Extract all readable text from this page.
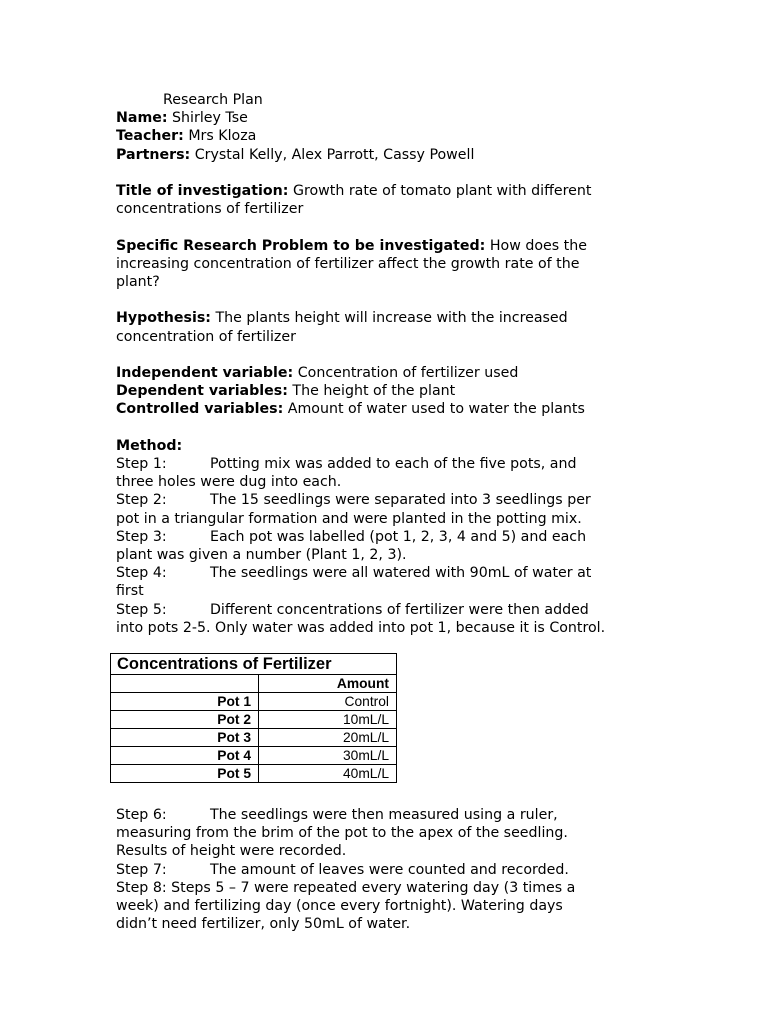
Research Plan
Name: Shirley Tse
Teacher: Mrs Kloza
Partners: Crystal Kelly, Alex Parrott, Cassy Powell
Title of investigation: Growth rate of tomato plant with different
concentrations of fertilizer
Specific Research Problem to be investigated: How does the
increasing concentration of fertilizer affect the growth rate of the
plant?
Hypothesis: The plants height will increase with the increased
concentration of fertilizer
Independent variable: Concentration of fertilizer used
Dependent variables: The height of the plant
Controlled variables: Amount of water used to water the plants
Method:
Step 1:	Potting mix was added to each of the five pots, and
three holes were dug into each.
Step 2:	The 15 seedlings were separated into 3 seedlings per
pot in a triangular formation and were planted in the potting mix.
Step 3:	Each pot was labelled (pot 1, 2, 3, 4 and 5) and each
plant was given a number (Plant 1, 2, 3).
Step 4:	The seedlings were all watered with 90mL of water at
first
Step 5:	Different concentrations of fertilizer were then added
into pots 2-5. Only water was added into pot 1, because it is Control.
Concentrations of Fertilizer	
	Amount
Pot 1	Control
Pot 2	10mL/L
Pot 3	20mL/L
Pot 4	30mL/L
Pot 5	40mL/L
Step 6:	The seedlings were then measured using a ruler,
measuring from the brim of the pot to the apex of the seedling.
Results of height were recorded.
Step 7:	The amount of leaves were counted and recorded.
Step 8: Steps 5 – 7 were repeated every watering day (3 times a
week) and fertilizing day (once every fortnight). Watering days
didn’t need fertilizer, only 50mL of water.
